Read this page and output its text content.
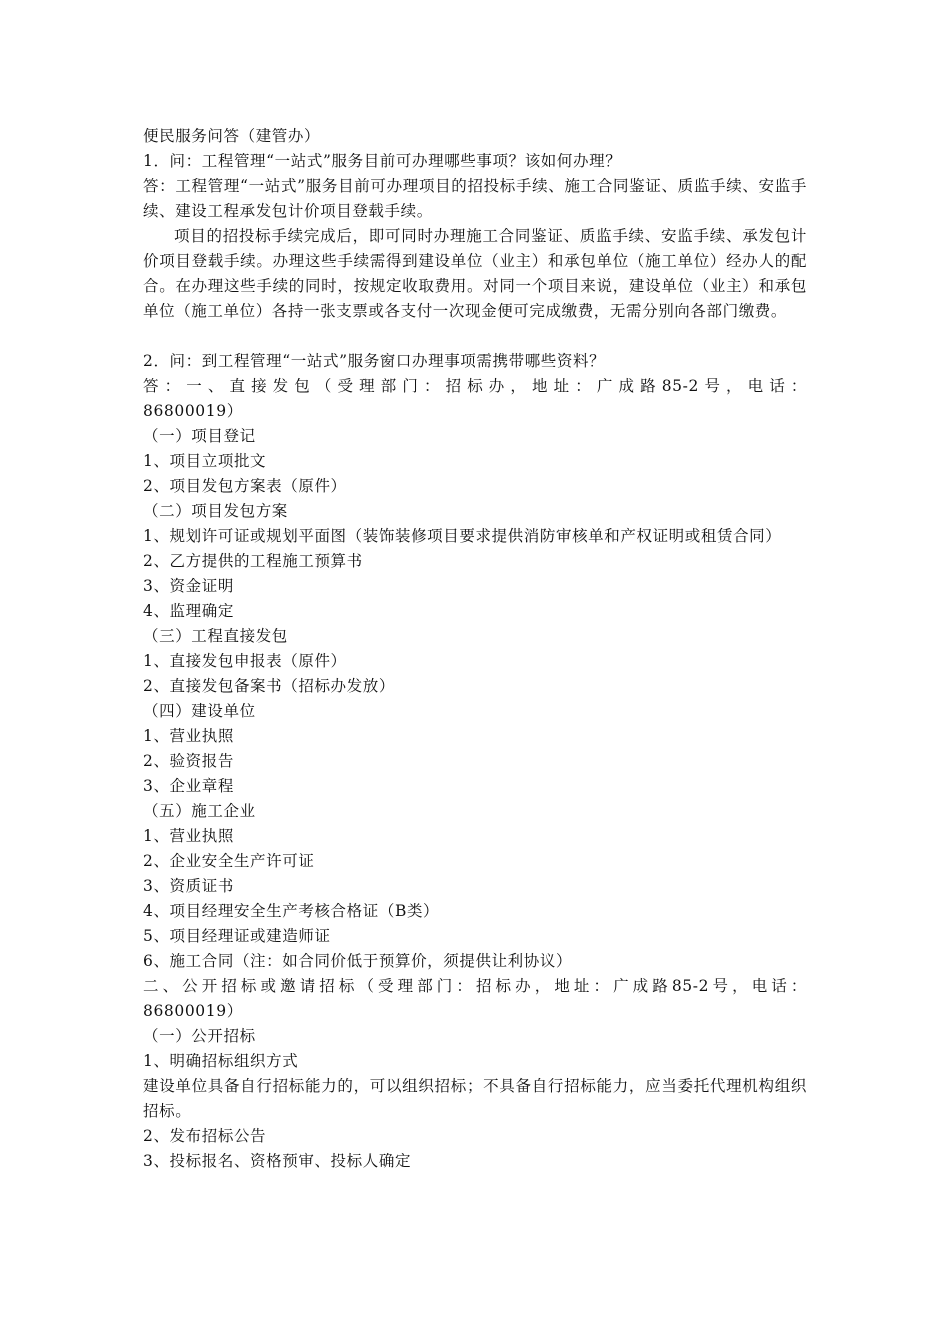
便民服务问答（建管办）
1．问：工程管理“一站式”服务目前可办理哪些事项？该如何办理？
答：工程管理“一站式”服务目前可办理项目的招投标手续、施工合同鉴证、质监手续、安监手续、建设工程承发包计价项目登载手续。
项目的招投标手续完成后，即可同时办理施工合同鉴证、质监手续、安监手续、承发包计价项目登载手续。办理这些手续需得到建设单位（业主）和承包单位（施工单位）经办人的配合。在办理这些手续的同时，按规定收取费用。对同一个项目来说，建设单位（业主）和承包单位（施工单位）各持一张支票或各支付一次现金便可完成缴费，无需分别向各部门缴费。
2．问：到工程管理“一站式”服务窗口办理事项需携带哪些资料？
答：一、直接发包（受理部门：招标办，地址：广成路85-2号，电话：
86800019）
（一）项目登记
1、项目立项批文
2、项目发包方案表（原件）
（二）项目发包方案
1、规划许可证或规划平面图（装饰装修项目要求提供消防审核单和产权证明或租赁合同）
2、乙方提供的工程施工预算书
3、资金证明
4、监理确定
（三）工程直接发包
1、直接发包申报表（原件）
2、直接发包备案书（招标办发放）
（四）建设单位
1、营业执照
2、验资报告
3、企业章程
（五）施工企业
1、营业执照
2、企业安全生产许可证
3、资质证书
4、项目经理安全生产考核合格证（B类）
5、项目经理证或建造师证
6、施工合同（注：如合同价低于预算价，须提供让利协议）
二、公开招标或邀请招标（受理部门：招标办，地址：广成路85-2号，电话：
86800019）
（一）公开招标
1、明确招标组织方式
建设单位具备自行招标能力的，可以组织招标；不具备自行招标能力，应当委托代理机构组织招标。
2、发布招标公告
3、投标报名、资格预审、投标人确定
